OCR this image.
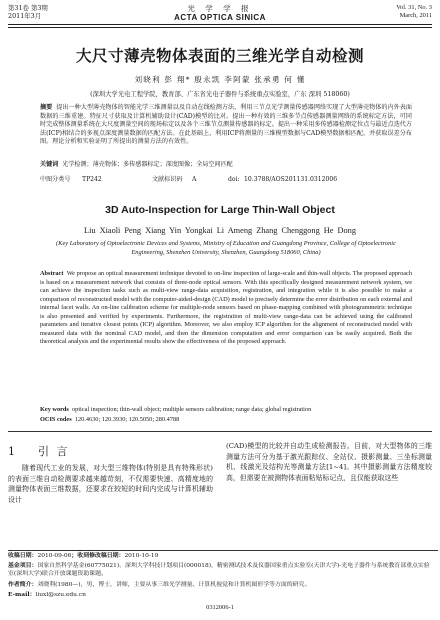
第31卷 第3期
2011年3月
光 学 学 报
ACTA OPTICA SINICA
Vol. 31, No. 3
March, 2011
大尺寸薄壳物体表面的三维光学自动检测
刘晓利 彭 翔* 殷永凯 李阿蒙 张承勇 何 懂
(深圳大学光电工程学院，教育部、广东省光电子器件与系统重点实验室，广东 深圳 518060)
摘要 提出一种大型薄壳物体的智能光学三维测量以及自动在线检测方法，利用三节点光学测量传感器网络实现了大型薄壳物体的内外表面数据的三维重建。特征尺寸获取及计算机辅助设计(CAD)模型的比对。提出一种有效的三维多节点传感器测量网络的系统标定方法，可同时完成整体测量系统在大尺度测量空间的现场标定以及各个三维节点测量传感器的标定。提出一种采用多传感器检测定位点与最近点迭代方法(ICP)相结合的多视点深度测量数据的匹配方法。在此基础上，利用ICP将测量的三维模型数据与CAD模型数据相匹配，并获取误差分布图。理论分析和实验证明了所提出的测量方法的有效性。
关键词 光学检测；薄壳物体；多传感器标定；深度图像；全局空间匹配
中图分类号 TP242	文献标识码 A	doi: 10.3788/AOS201131.0312006
3D Auto-Inspection for Large Thin-Wall Object
Liu Xiaoli Peng Xiang Yin Yongkai Li Ameng Zhang Chenggong He Dong
(Key Laboratory of Optoelectronic Devices and Systems, Ministry of Education and Guangdong Province, College of Optoelectronic Engineering, Shenzhen University, Shenzhen, Guangdong 518060, China)
Abstract We propose an optical measurement technique devoted to on-line inspection of large-scale and thin-wall objects. The proposed approach is based on a measurement network that consists of three-node optical sensors. With this specifically designed measurement network system, we can achieve the inspection tasks such as multi-view range-data acquisition, registration, and integration while it is also possible to make a comparison of reconstructed model with the computer-aided-design (CAD) model to precisely determine the error distribution on each external and internal facet walls. An on-line calibration scheme for multiple-node sensors based on phase-mapping combined with photogrammetric technique is also presented and verified by experiments. Furthermore, the registration of multi-view range-data can be achieved using the calibrated parameters and iterative closest points (ICP) algorithm. Moreover, we also employ ICP algorithm for the alignment of reconstructed model with measured data with the nominal CAD model, and then the dimension computation and error comparison can be easily acquired. Both the theoretical analysis and the experimental results show the effectiveness of the proposed approach.
Key words optical inspection; thin-wall object; multiple sensors calibration; range data; global registration
OCIS codes 120.4630; 120.3930; 120.5050; 280.4788
1 引 言
随着现代工业的发展，对大型三维物体(特别是具有特殊形状)的表面三维自动检测要求越来越苛刻，不仅需要快速、高精度地的测量物体表面三维数据，还要求在较短的时间内完成与计算机辅助设计
(CAD)模型的比较并自动生成检测报告。目前，对大型物体的三维测量方法可分为基于激光跟踪仪、全站仪、摄影测量、三坐标测量机、线激光及结构光等测量方法[1~4]。其中摄影测量方法精度较高，但需要在被测物体表面粘贴标记点，且仅能获取这些
收稿日期：2010-09-06；收到修改稿日期：2010-10-19
基金项目：国家自然科学基金(60775021)，深圳大学科技计划项目(000018)，精密测试技术及仪器国家重点实验室(天津大学)-光电子器件与系统教育部重点实验室(深圳大学)联合开放课题资助课题。
作者简介：刘晓利(1980—)，男，博士，讲师，主要从事三维光学测量、计算机视觉和计算机图形学等方面的研究。
E-mail：liuxl@szu.edu.cn
0312006-1
